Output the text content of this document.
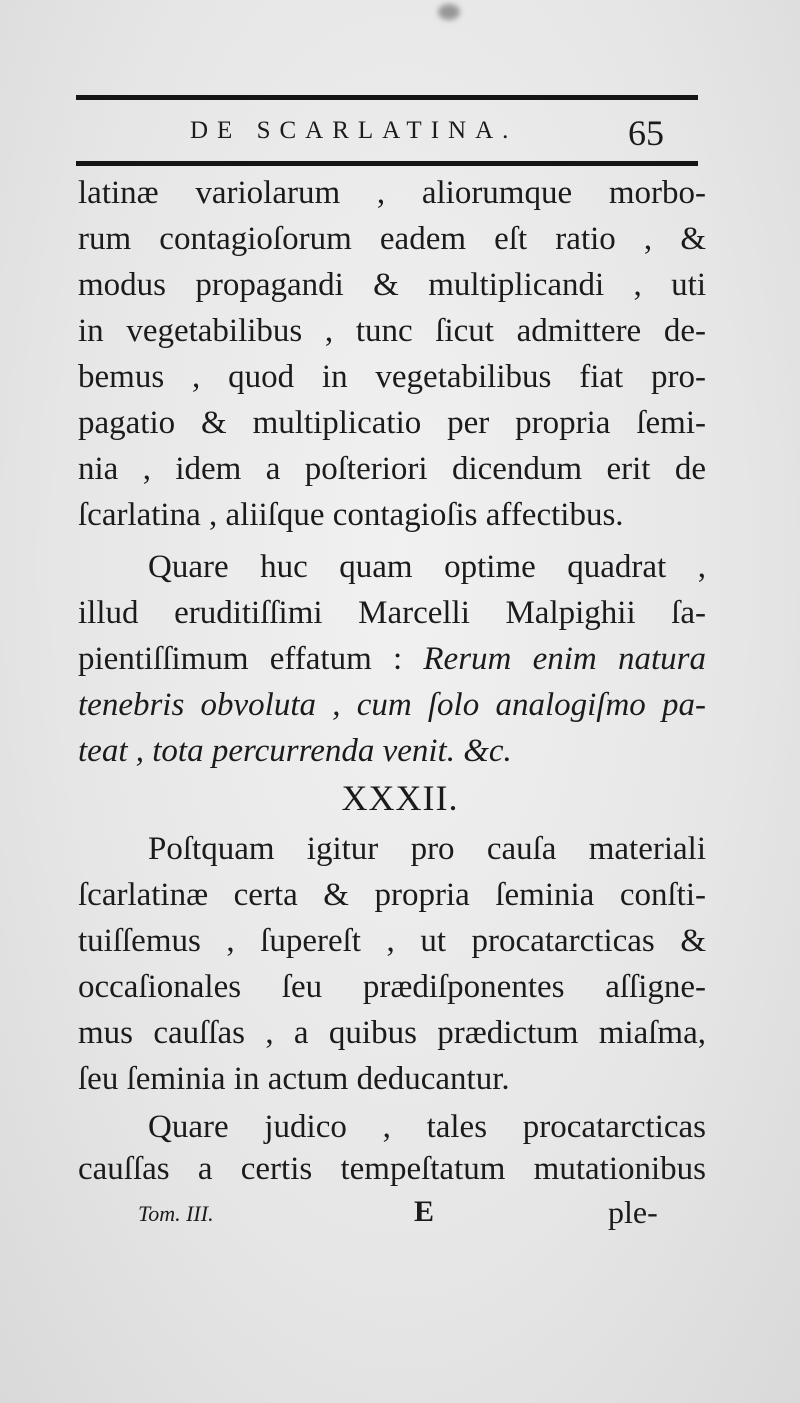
DE SCARLATINA.	65
latinæ variolarum , aliorumque morbo-
rum contagioſorum eadem eſt ratio , &
modus propagandi & multiplicandi , uti
in vegetabilibus , tunc ſicut admittere de-
bemus , quod in vegetabilibus fiat pro-
pagatio & multiplicatio per propria ſemi-
nia , idem a poſteriori dicendum erit de
ſcarlatina , aliiſque contagioſis affectibus.
Quare huc quam optime quadrat ,
illud eruditiſſimi Marcelli Malpighii ſa-
pientiſſimum effatum : Rerum enim natura
tenebris obvoluta , cum ſolo analogiſmo pa-
teat , tota percurrenda venit. &c.
XXXII.
Poſtquam igitur pro cauſa materiali
ſcarlatinæ certa & propria ſeminia conſti-
tuiſſemus , ſupereſt , ut procatarcticas &
occaſionales ſeu prædiſponentes aſſigne-
mus cauſſas , a quibus prædictum miaſma,
ſeu ſeminia in actum deducantur.
Quare judico , tales procatarcticas
cauſſas a certis tempeſtatum mutationibus
Tom. III.	E	ple-
